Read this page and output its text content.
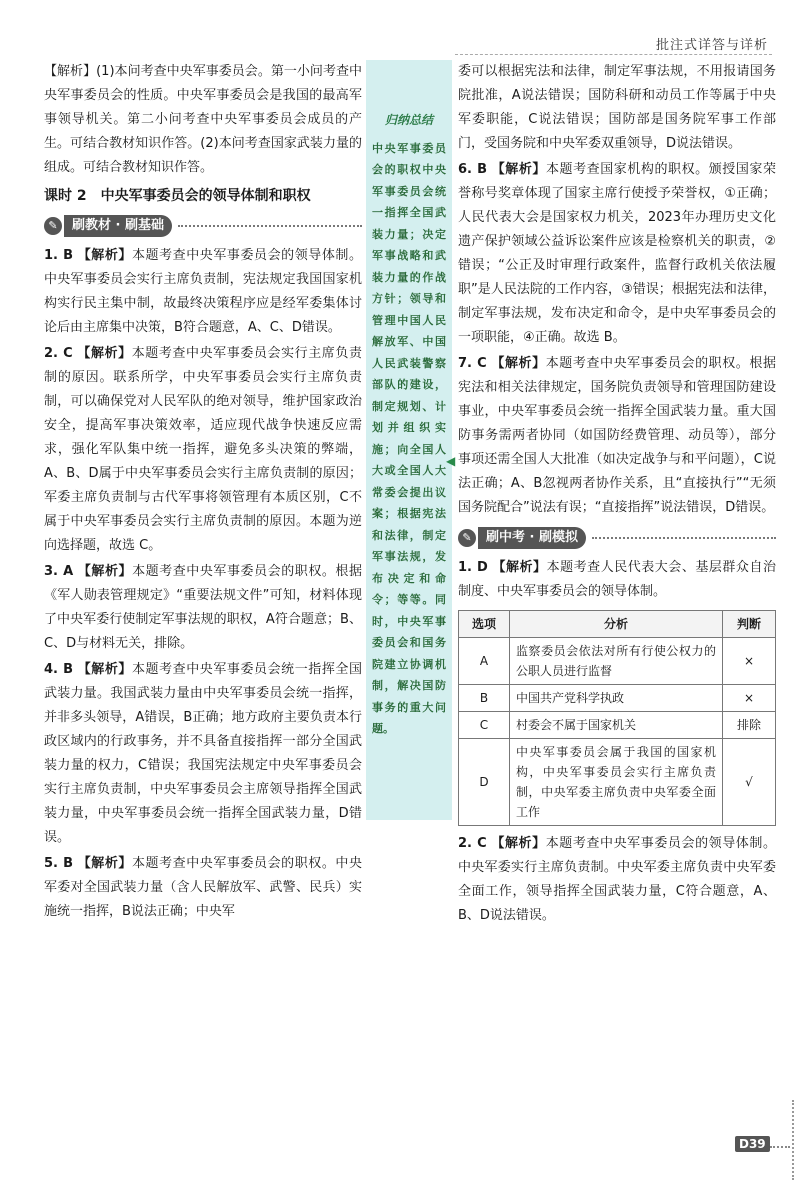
批注式详答与详析

【解析】(1)本问考查中央军事委员会。第一小问考查中央军事委员会的性质。中央军事委员会是我国的最高军事领导机关。第二小问考查中央军事委员会成员的产生。可结合教材知识作答。(2)本问考查国家武装力量的组成。可结合教材知识作答。

课时 2　中央军事委员会的领导体制和职权
✎	刷教材 · 刷基础

1. B 【解析】本题考查中央军事委员会的领导体制。中央军事委员会实行主席负责制，宪法规定我国国家机构实行民主集中制，故最终决策程序应是经军委集体讨论后由主席集中决策，B符合题意，A、C、D错误。

2. C 【解析】本题考查中央军事委员会实行主席负责制的原因。联系所学，中央军事委员会实行主席负责制，可以确保党对人民军队的绝对领导，维护国家政治安全，提高军事决策效率，适应现代战争快速反应需求，强化军队集中统一指挥，避免多头决策的弊端，A、B、D属于中央军事委员会实行主席负责制的原因；军委主席负责制与古代军事将领管理有本质区别，C不属于中央军事委员会实行主席负责制的原因。本题为逆向选择题，故选 C。

3. A 【解析】本题考查中央军事委员会的职权。根据《军人勋表管理规定》“重要法规文件”可知，材料体现了中央军委行使制定军事法规的职权，A符合题意；B、C、D与材料无关，排除。

4. B 【解析】本题考查中央军事委员会统一指挥全国武装力量。我国武装力量由中央军事委员会统一指挥，并非多头领导，A错误，B正确；地方政府主要负责本行政区域内的行政事务，并不具备直接指挥一部分全国武装力量的权力，C错误；我国宪法规定中央军事委员会实行主席负责制，中央军事委员会主席领导指挥全国武装力量，中央军事委员会统一指挥全国武装力量，D错误。

5. B 【解析】本题考查中央军事委员会的职权。中央军委对全国武装力量（含人民解放军、武警、民兵）实施统一指挥，B说法正确；中央军

归纳总结
中央军事委员会的职权中央军事委员会统一指挥全国武装力量；决定军事战略和武装力量的作战方针；领导和管理中国人民解放军、中国人民武装警察部队的建设，制定规划、计划并组织实施；向全国人大或全国人大常委会提出议案；根据宪法和法律，制定军事法规，发布决定和命令；等等。同时，中央军事委员会和国务院建立协调机制，解决国防事务的重大问题。
◀

委可以根据宪法和法律，制定军事法规，不用报请国务院批准，A说法错误；国防科研和动员工作等属于中央军委职能，C说法错误；国防部是国务院军事工作部门，受国务院和中央军委双重领导，D说法错误。

6. B 【解析】本题考查国家机构的职权。颁授国家荣誉称号奖章体现了国家主席行使授予荣誉权，①正确；人民代表大会是国家权力机关，2023年办理历史文化遗产保护领域公益诉讼案件应该是检察机关的职责，②错误；“公正及时审理行政案件，监督行政机关依法履职”是人民法院的工作内容，③错误；根据宪法和法律，制定军事法规，发布决定和命令，是中央军事委员会的一项职能，④正确。故选 B。

7. C 【解析】本题考查中央军事委员会的职权。根据宪法和相关法律规定，国务院负责领导和管理国防建设事业，中央军事委员会统一指挥全国武装力量。重大国防事务需两者协同（如国防经费管理、动员等），部分事项还需全国人大批准（如决定战争与和平问题），C说法正确；A、B忽视两者协作关系，且“直接执行”“无须国务院配合”说法有误；“直接指挥”说法错误，D错误。

✎	刷中考 · 刷模拟

1. D 【解析】本题考查人民代表大会、基层群众自治制度、中央军事委员会的领导体制。

选项	分析	判断
A	监察委员会依法对所有行使公权力的公职人员进行监督	×
B	中国共产党科学执政	×
C	村委会不属于国家机关	排除
D	中央军事委员会属于我国的国家机构，中央军事委员会实行主席负责制，中央军委主席负责中央军委全面工作	√

2. C 【解析】本题考查中央军事委员会的领导体制。中央军委实行主席负责制。中央军委主席负责中央军委全面工作，领导指挥全国武装力量，C符合题意，A、B、D说法错误。

D39
